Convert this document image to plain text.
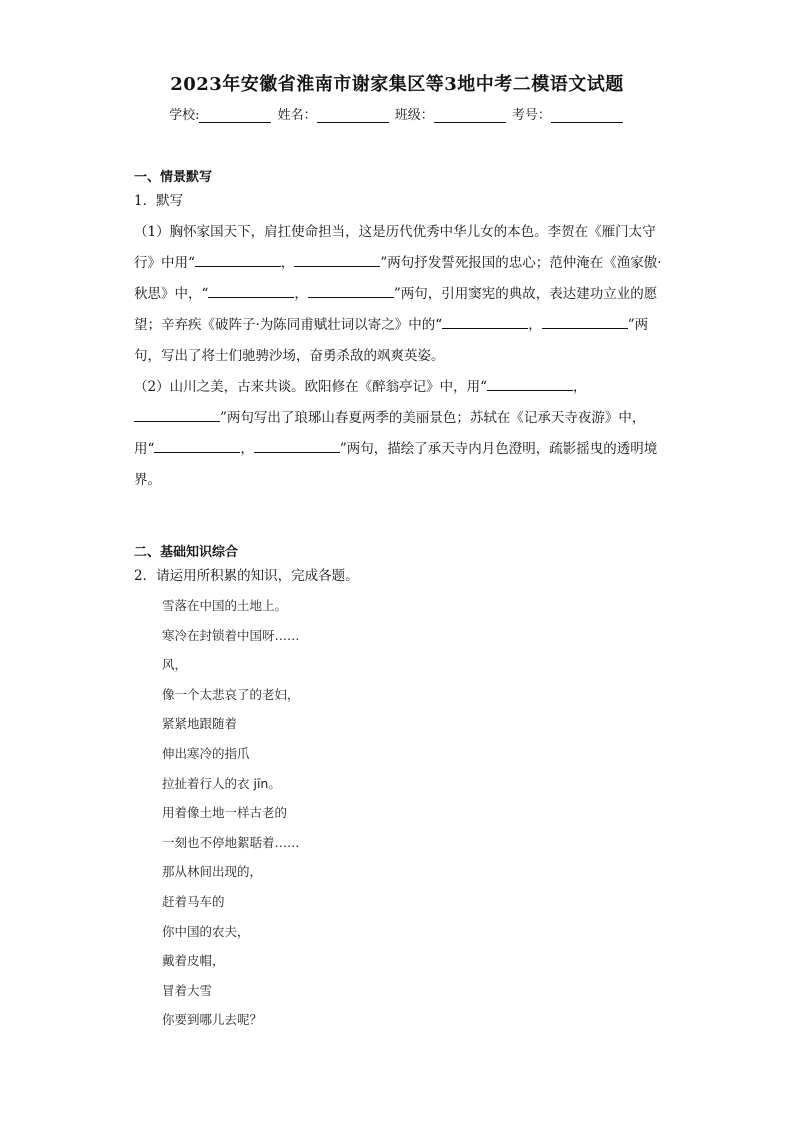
2023年安徽省淮南市谢家集区等3地中考二模语文试题
学校:	姓名：	班级：	考号：
一、情景默写
1．默写
（1）胸怀家国天下，肩扛使命担当，这是历代优秀中华儿女的本色。李贺在《雁门太守行》中用“	，	”两句抒发誓死报国的忠心；范仲淹在《渔家傲·秋思》中，“	，	”两句，引用窦宪的典故，表达建功立业的愿望；辛弃疾《破阵子·为陈同甫赋壮词以寄之》中的“	，	”两句，写出了将士们驰骋沙场，奋勇杀敌的飒爽英姿。
（2）山川之美，古来共谈。欧阳修在《醉翁亭记》中，用“	，”两句写出了琅琊山春夏两季的美丽景色；苏轼在《记承天寺夜游》中，用“	，	”两句，描绘了承天寺内月色澄明，疏影摇曳的透明境界。
二、基础知识综合
2．请运用所积累的知识，完成各题。
雪落在中国的土地上。
寒冷在封锁着中国呀……
风，
像一个太悲哀了的老妇，
紧紧地跟随着
伸出寒冷的指爪
拉扯着行人的衣 jīn。
用着像土地一样古老的
一刻也不停地絮聒着……
那从林间出现的，
赶着马车的
你中国的农夫，
戴着皮帽，
冒着大雪
你要到哪儿去呢？
